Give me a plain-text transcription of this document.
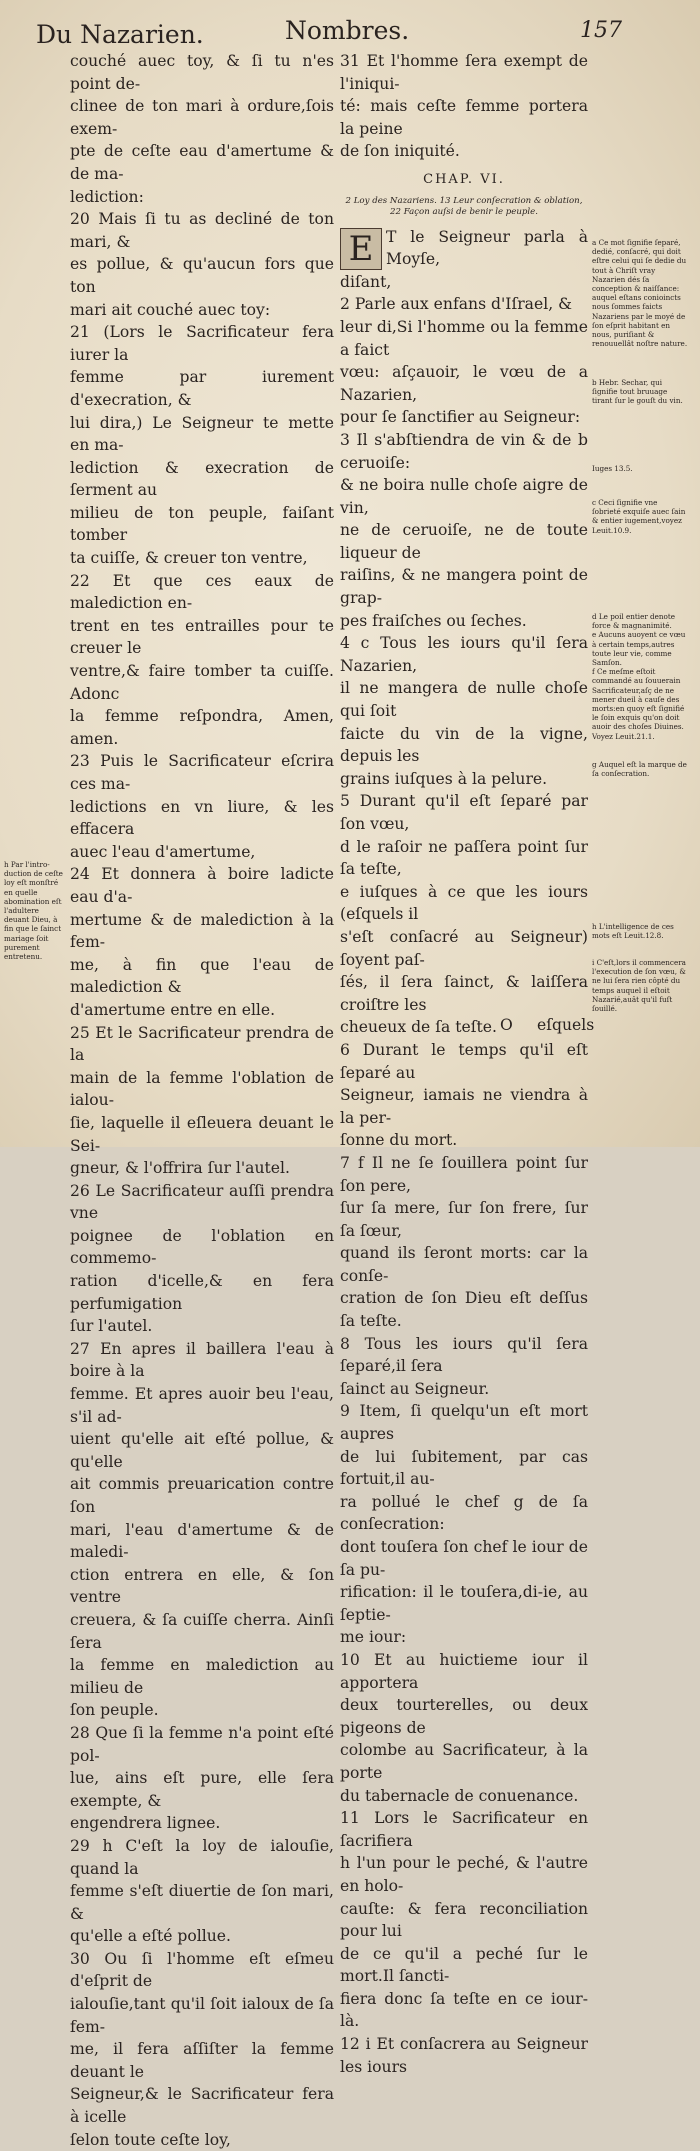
Du Nazarien.	Nombres.	157

couché auec toy, & ſi tu n'es point de-

clinee de ton mari à ordure,ſois exem-

pte de ceſte eau d'amertume & de ma-

lediction:

20 Mais ſi tu as decliné de ton mari, &

es pollue, & qu'aucun fors que ton

mari ait couché auec toy:

21 (Lors le Sacrificateur fera iurer la

femme par iurement d'execration, &

lui dira,) Le Seigneur te mette en ma-

lediction & execration de ſerment au

milieu de ton peuple, faiſant tomber

ta cuiſſe, & creuer ton ventre,

22 Et que ces eaux de malediction en-

trent en tes entrailles pour te creuer le

ventre,& faire tomber ta cuiſſe. Adonc

la femme reſpondra, Amen, amen.

23 Puis le Sacrificateur eſcrira ces ma-

ledictions en vn liure, & les effacera

auec l'eau d'amertume,

24 Et donnera à boire ladicte eau d'a-

mertume & de malediction à la fem-

me, à fin que l'eau de malediction &

d'amertume entre en elle.

25 Et le Sacrificateur prendra de la

main de la femme l'oblation de ialou-

ſie, laquelle il eſleuera deuant le Sei-

gneur, & l'offrira ſur l'autel.

26 Le Sacrificateur auſſi prendra vne

poignee de l'oblation en commemo-

ration d'icelle,& en fera perfumigation

ſur l'autel.

27 En apres il baillera l'eau à boire à la

femme. Et apres auoir beu l'eau, s'il ad-

uient qu'elle ait eſté pollue, & qu'elle

ait commis preuarication contre ſon

mari, l'eau d'amertume & de maledi-

ction entrera en elle, & ſon ventre

creuera, & ſa cuiſſe cherra. Ainſi ſera

la femme en malediction au milieu de

ſon peuple.

28 Que ſi la femme n'a point eſté pol-

lue, ains eſt pure, elle ſera exempte, &

engendrera lignee.

29 h C'eſt la loy de ialouſie, quand la

femme s'eſt diuertie de ſon mari, &

qu'elle a eſté pollue.

30 Ou ſi l'homme eſt eſmeu d'eſprit de

ialouſie,tant qu'il ſoit ialoux de ſa fem-

me, il fera aſſiſter la femme deuant le

Seigneur,& le Sacrificateur fera à icelle

ſelon toute ceſte loy,

31 Et l'homme ſera exempt de l'iniqui-

té: mais ceſte femme portera la peine

de ſon iniquité.

CHAP. VI.
2 Loy des Nazariens. 13 Leur conſecration & oblation, 22 Façon auſsi de benir le peuple.
E T le Seigneur parla à Moyſe,

diſant,

2 Parle aux enfans d'Iſrael, &

leur di,Si l'homme ou la femme a faict

vœu: aſçauoir, le vœu de a Nazarien,

pour ſe ſanctifier au Seigneur:

3 Il s'abſtiendra de vin & de b ceruoiſe:

& ne boira nulle choſe aigre de vin,

ne de ceruoiſe, ne de toute liqueur de

raiſins, & ne mangera point de grap-

pes fraiſches ou ſeches.

4 c Tous les iours qu'il ſera Nazarien,

il ne mangera de nulle choſe qui ſoit

faicte du vin de la vigne, depuis les

grains iuſques à la pelure.

5 Durant qu'il eſt ſeparé par ſon vœu,

d le raſoir ne paſſera point ſur ſa teſte,

e iuſques à ce que les iours (eſquels il

s'eſt conſacré au Seigneur) ſoyent paſ-

ſés, il ſera ſainct, & laiſſera croiſtre les

cheueux de ſa teſte.

6 Durant le temps qu'il eſt ſeparé au

Seigneur, iamais ne viendra à la per-

ſonne du mort.

7 f Il ne ſe ſouillera point ſur ſon pere,

ſur ſa mere, ſur ſon frere, ſur ſa ſœur,

quand ils ſeront morts: car la conſe-

cration de ſon Dieu eſt deſſus ſa teſte.

8 Tous les iours qu'il ſera ſeparé,il ſera

ſainct au Seigneur.

9 Item, ſi quelqu'un eſt mort aupres

de lui ſubitement, par cas fortuit,il au-

ra pollué le chef g de ſa conſecration:

dont touſera ſon chef le iour de ſa pu-

rification: il le touſera,di-ie, au ſeptie-

me iour:

10 Et au huictieme iour il apportera

deux tourterelles, ou deux pigeons de

colombe au Sacrificateur, à la porte

du tabernacle de conuenance.

11 Lors le Sacrificateur en ſacrifiera

h l'un pour le peché, & l'autre en holo-

cauſte: & fera reconciliation pour lui

de ce qu'il a peché ſur le mort.Il ſancti-

fiera donc ſa teſte en ce iour-là.

12 i Et conſacrera au Seigneur les iours

a Ce mot ſignifie ſeparé, dedié, conſacré, qui doit eſtre celui qui ſe dedie du tout à Chriſt vray Nazarien dés ſa conception & naiſſance: auquel eſtans conioincts nous ſommes faicts Nazariens par le moyé de ſon eſprit habitant en nous, puriſiant & renouuellât noſtre nature.
b Hebr. Sechar, qui ſignifie tout bruuage tirant ſur le gouſt du vin.
c Ceci ſignifie vne ſobrieté exquiſe auec ſain & entier iugement,voyez Leuit.10.9.
Iuges 13.5.
d Le poil entier denote force & magnanimité.
e Aucuns auoyent ce vœu à certain temps,autres toute leur vie, comme Samſon.
f Ce meſme eſtoit commandé au ſouuerain Sacrificateur,aſç de ne mener dueil à cauſe des morts:en quoy eſt ſignifié le ſoin exquis qu'on doit auoir des choſes Diuines. Voyez Leuit.21.1.
g Auquel eſt la marque de ſa conſecration.
h L'intelligence de ces mots eſt Leuit.12.8.
i C'eſt,lors il commencera l'execution de ſon vœu, & ne lui ſera rien côpté du temps auquel il eſtoit Nazarié,auât qu'il fuſt ſouillé.
h Par l'introduction de ceſte loy eſt monſtré en quelle abomination eſt l'adultere deuant Dieu, à fin que le ſainct mariage ſoit purement entretenu.
O eſquels
